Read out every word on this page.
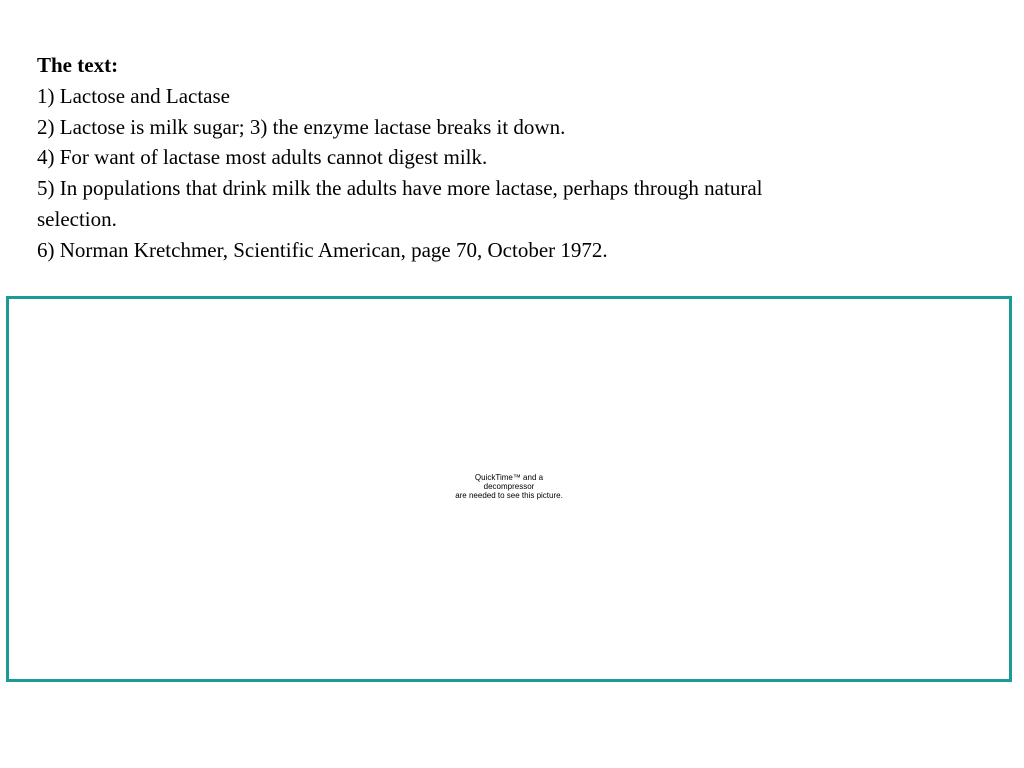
The text:
1) Lactose and Lactase
2) Lactose is milk sugar; 3) the enzyme lactase breaks it down.
4) For want of lactase most adults cannot digest milk.
5) In populations that drink milk the adults have more lactase, perhaps through natural
selection.
6) Norman Kretchmer, Scientific American, page 70, October 1972.
QuickTime™ and a
decompressor
are needed to see this picture.
